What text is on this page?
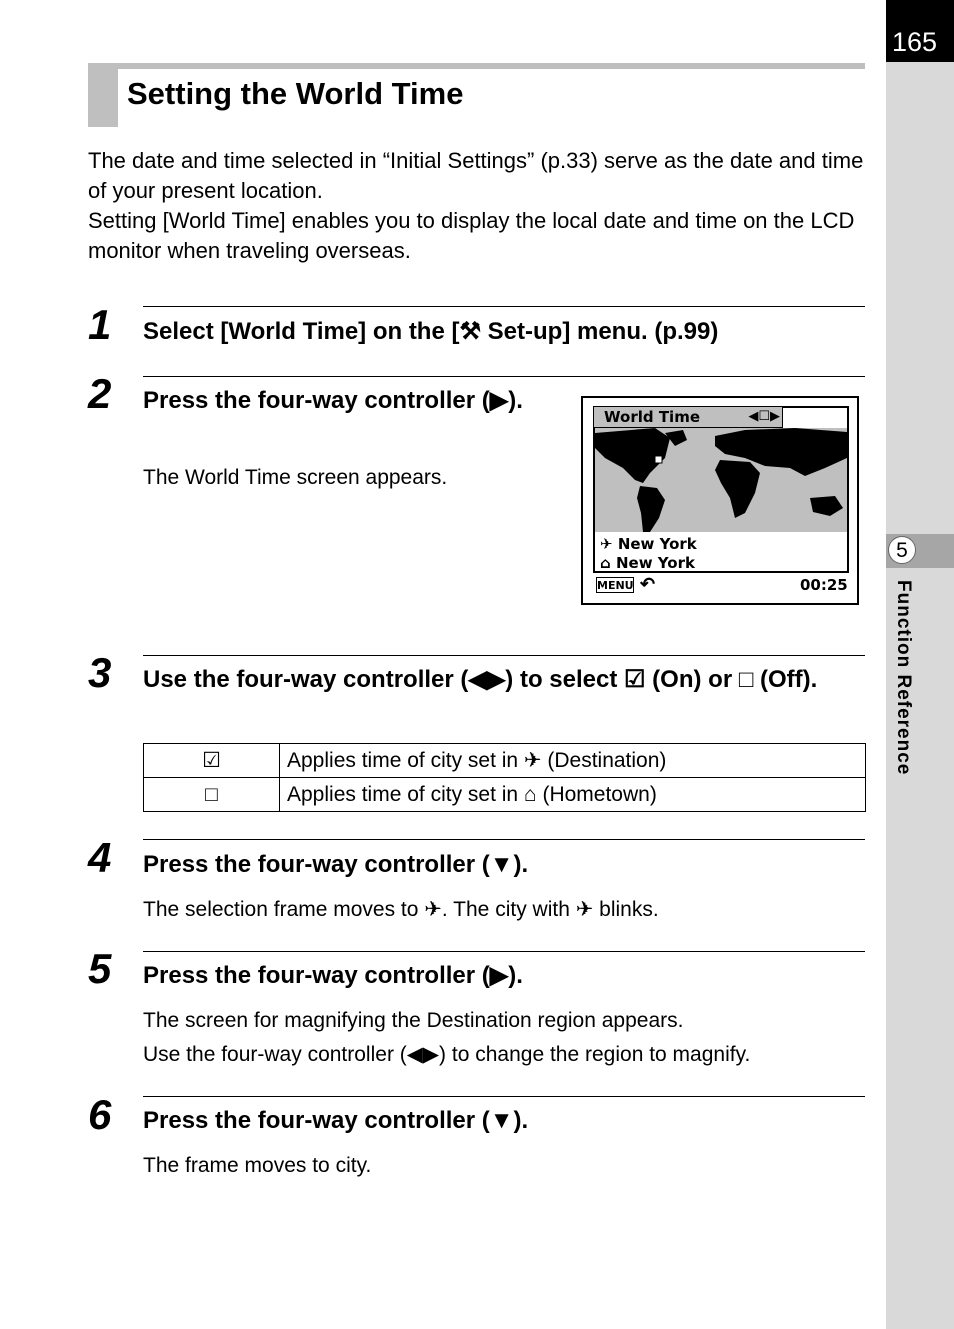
165
5
Function Reference
Setting the World Time
The date and time selected in “Initial Settings” (p.33) serve as the date and time of your present location.
Setting [World Time] enables you to display the local date and time on the LCD monitor when traveling overseas.
1 Select [World Time] on the [⚒ Set-up] menu. (p.99)

2 Press the four-way controller (▶).

The World Time screen appears.

World Time	◀☐▶
✈ New York
⌂ New York
MENU ↶	00:25
3 Use the four-way controller (◀▶) to select ☑ (On) or □ (Off).

☑	Applies time of city set in ✈ (Destination)
□	Applies time of city set in ⌂ (Hometown)
4 Press the four-way controller (▼).

The selection frame moves to ✈. The city with ✈ blinks.

5 Press the four-way controller (▶).

The screen for magnifying the Destination region appears.

Use the four-way controller (◀▶) to change the region to magnify.

6 Press the four-way controller (▼).

The frame moves to city.
